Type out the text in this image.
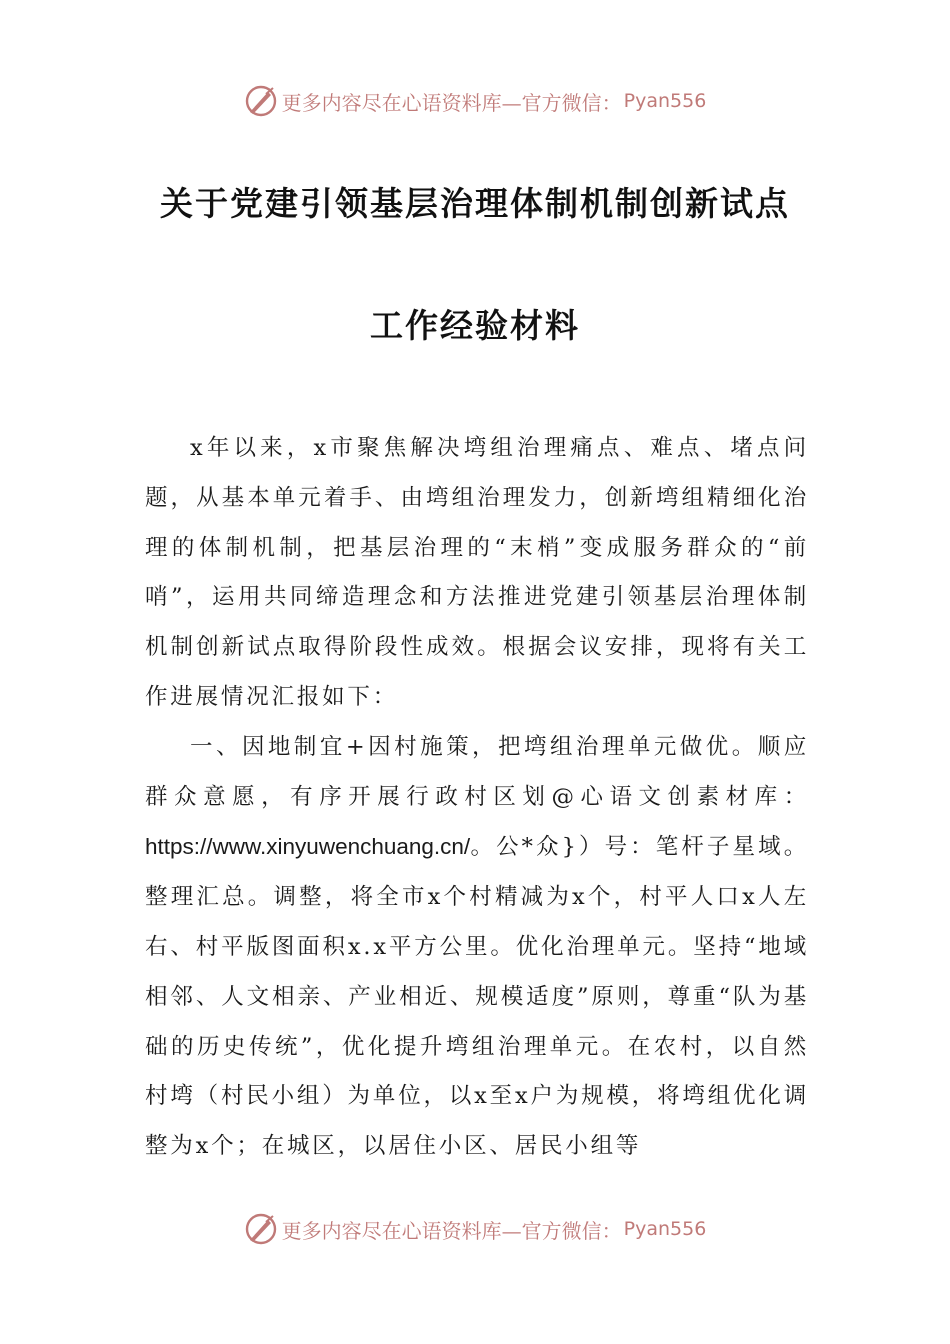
更多内容尽在心语资料库—官方微信： Pyan556
关于党建引领基层治理体制机制创新试点
工作经验材料

x年以来，x市聚焦解决塆组治理痛点、难点、堵点问题，从基本单元着手、由塆组治理发力，创新塆组精细化治理的体制机制，把基层治理的“末梢”变成服务群众的“前哨”，运用共同缔造理念和方法推进党建引领基层治理体制机制创新试点取得阶段性成效。根据会议安排，现将有关工作进展情况汇报如下：

一、因地制宜+因村施策，把塆组治理单元做优。顺应群众意愿，有序开展行政村区划@心语文创素材库：https://www.xinyuwenchuang.cn/。公*众}）号：笔杆子星域。整理汇总。调整，将全市x个村精减为x个，村平人口x人左右、村平版图面积x.x平方公里。优化治理单元。坚持“地域相邻、人文相亲、产业相近、规模适度”原则，尊重“队为基础的历史传统”，优化提升塆组治理单元。在农村，以自然村塆（村民小组）为单位，以x至x户为规模，将塆组优化调整为x个；在城区，以居住小区、居民小组等

更多内容尽在心语资料库—官方微信： Pyan556
